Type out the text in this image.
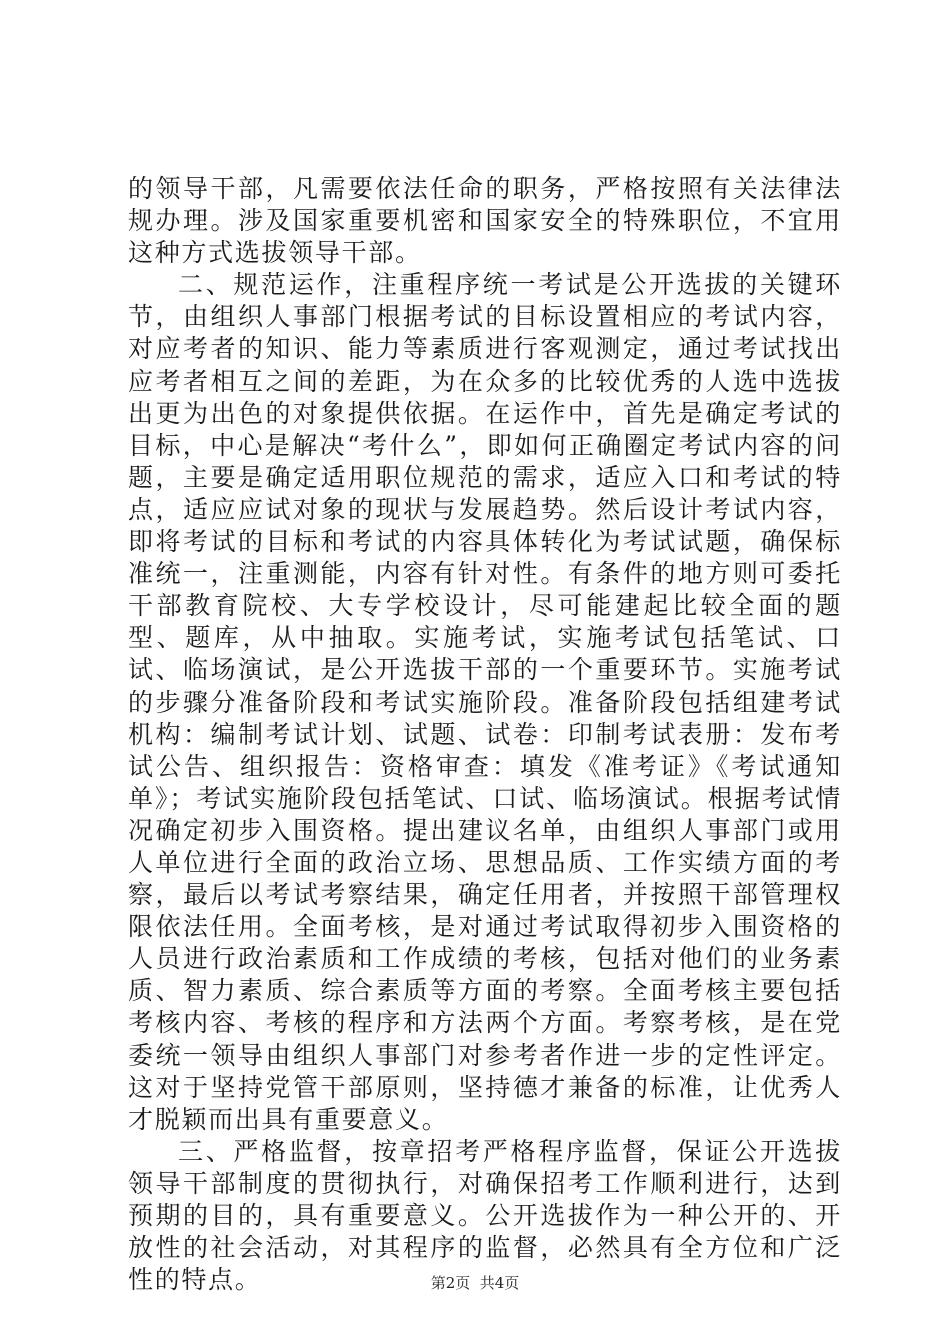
的领导干部，凡需要依法任命的职务，严格按照有关法律法规办理。涉及国家重要机密和国家安全的特殊职位，不宜用这种方式选拔领导干部。

二、规范运作，注重程序统一考试是公开选拔的关键环节，由组织人事部门根据考试的目标设置相应的考试内容，对应考者的知识、能力等素质进行客观测定，通过考试找出应考者相互之间的差距，为在众多的比较优秀的人选中选拔出更为出色的对象提供依据。在运作中，首先是确定考试的目标，中心是解决“考什么”，即如何正确圈定考试内容的问题，主要是确定适用职位规范的需求，适应入口和考试的特点，适应应试对象的现状与发展趋势。然后设计考试内容，即将考试的目标和考试的内容具体转化为考试试题，确保标准统一，注重测能，内容有针对性。有条件的地方则可委托干部教育院校、大专学校设计，尽可能建起比较全面的题型、题库，从中抽取。实施考试，实施考试包括笔试、口试、临场演试，是公开选拔干部的一个重要环节。实施考试的步骤分准备阶段和考试实施阶段。准备阶段包括组建考试机构：编制考试计划、试题、试卷：印制考试表册：发布考试公告、组织报告：资格审查：填发《准考证》《考试通知单》；考试实施阶段包括笔试、口试、临场演试。根据考试情况确定初步入围资格。提出建议名单，由组织人事部门或用人单位进行全面的政治立场、思想品质、工作实绩方面的考察，最后以考试考察结果，确定任用者，并按照干部管理权限依法任用。全面考核，是对通过考试取得初步入围资格的人员进行政治素质和工作成绩的考核，包括对他们的业务素质、智力素质、综合素质等方面的考察。全面考核主要包括考核内容、考核的程序和方法两个方面。考察考核，是在党委统一领导由组织人事部门对参考者作进一步的定性评定。这对于坚持党管干部原则，坚持德才兼备的标准，让优秀人才脱颖而出具有重要意义。

三、严格监督，按章招考严格程序监督，保证公开选拔领导干部制度的贯彻执行，对确保招考工作顺利进行，达到预期的目的，具有重要意义。公开选拔作为一种公开的、开放性的社会活动，对其程序的监督，必然具有全方位和广泛性的特点。	第2页  共4页
